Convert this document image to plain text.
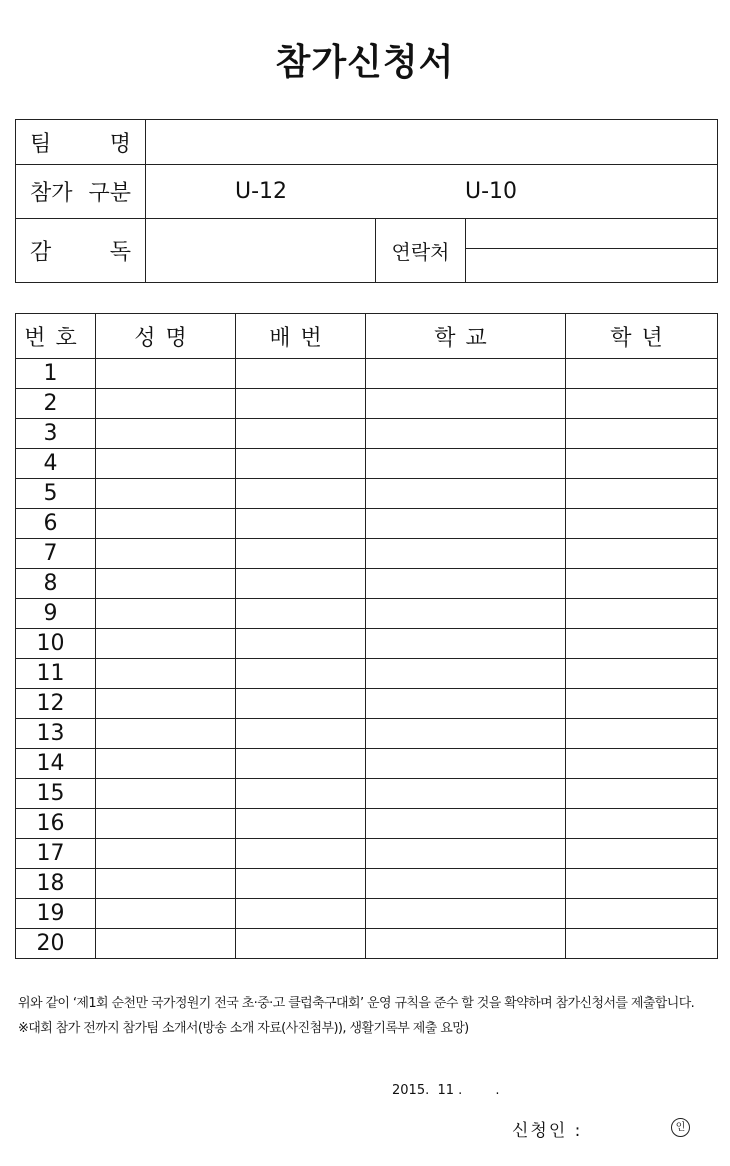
참가신청서
팀 명			

참가 구분	U-12 U-10		

감 독		연락처	

번호	성명	배번	학교	학년
1				
2				
3				
4				
5				
6				
7				
8				
9				
10				
11				
12				
13				
14				
15				
16				
17				
18				
19				
20				
위와 같이 ‘제1회 순천만 국가정원기 전국 초·중·고 클럽축구대회’ 운영 규칙을 준수 할 것을 확약하며 참가신청서를 제출합니다.
※대회 참가 전까지 참가팀 소개서(방송 소개 자료(사진첨부)), 생활기록부 제출 요망)
2015.  11 .        .
신청인 :	인
